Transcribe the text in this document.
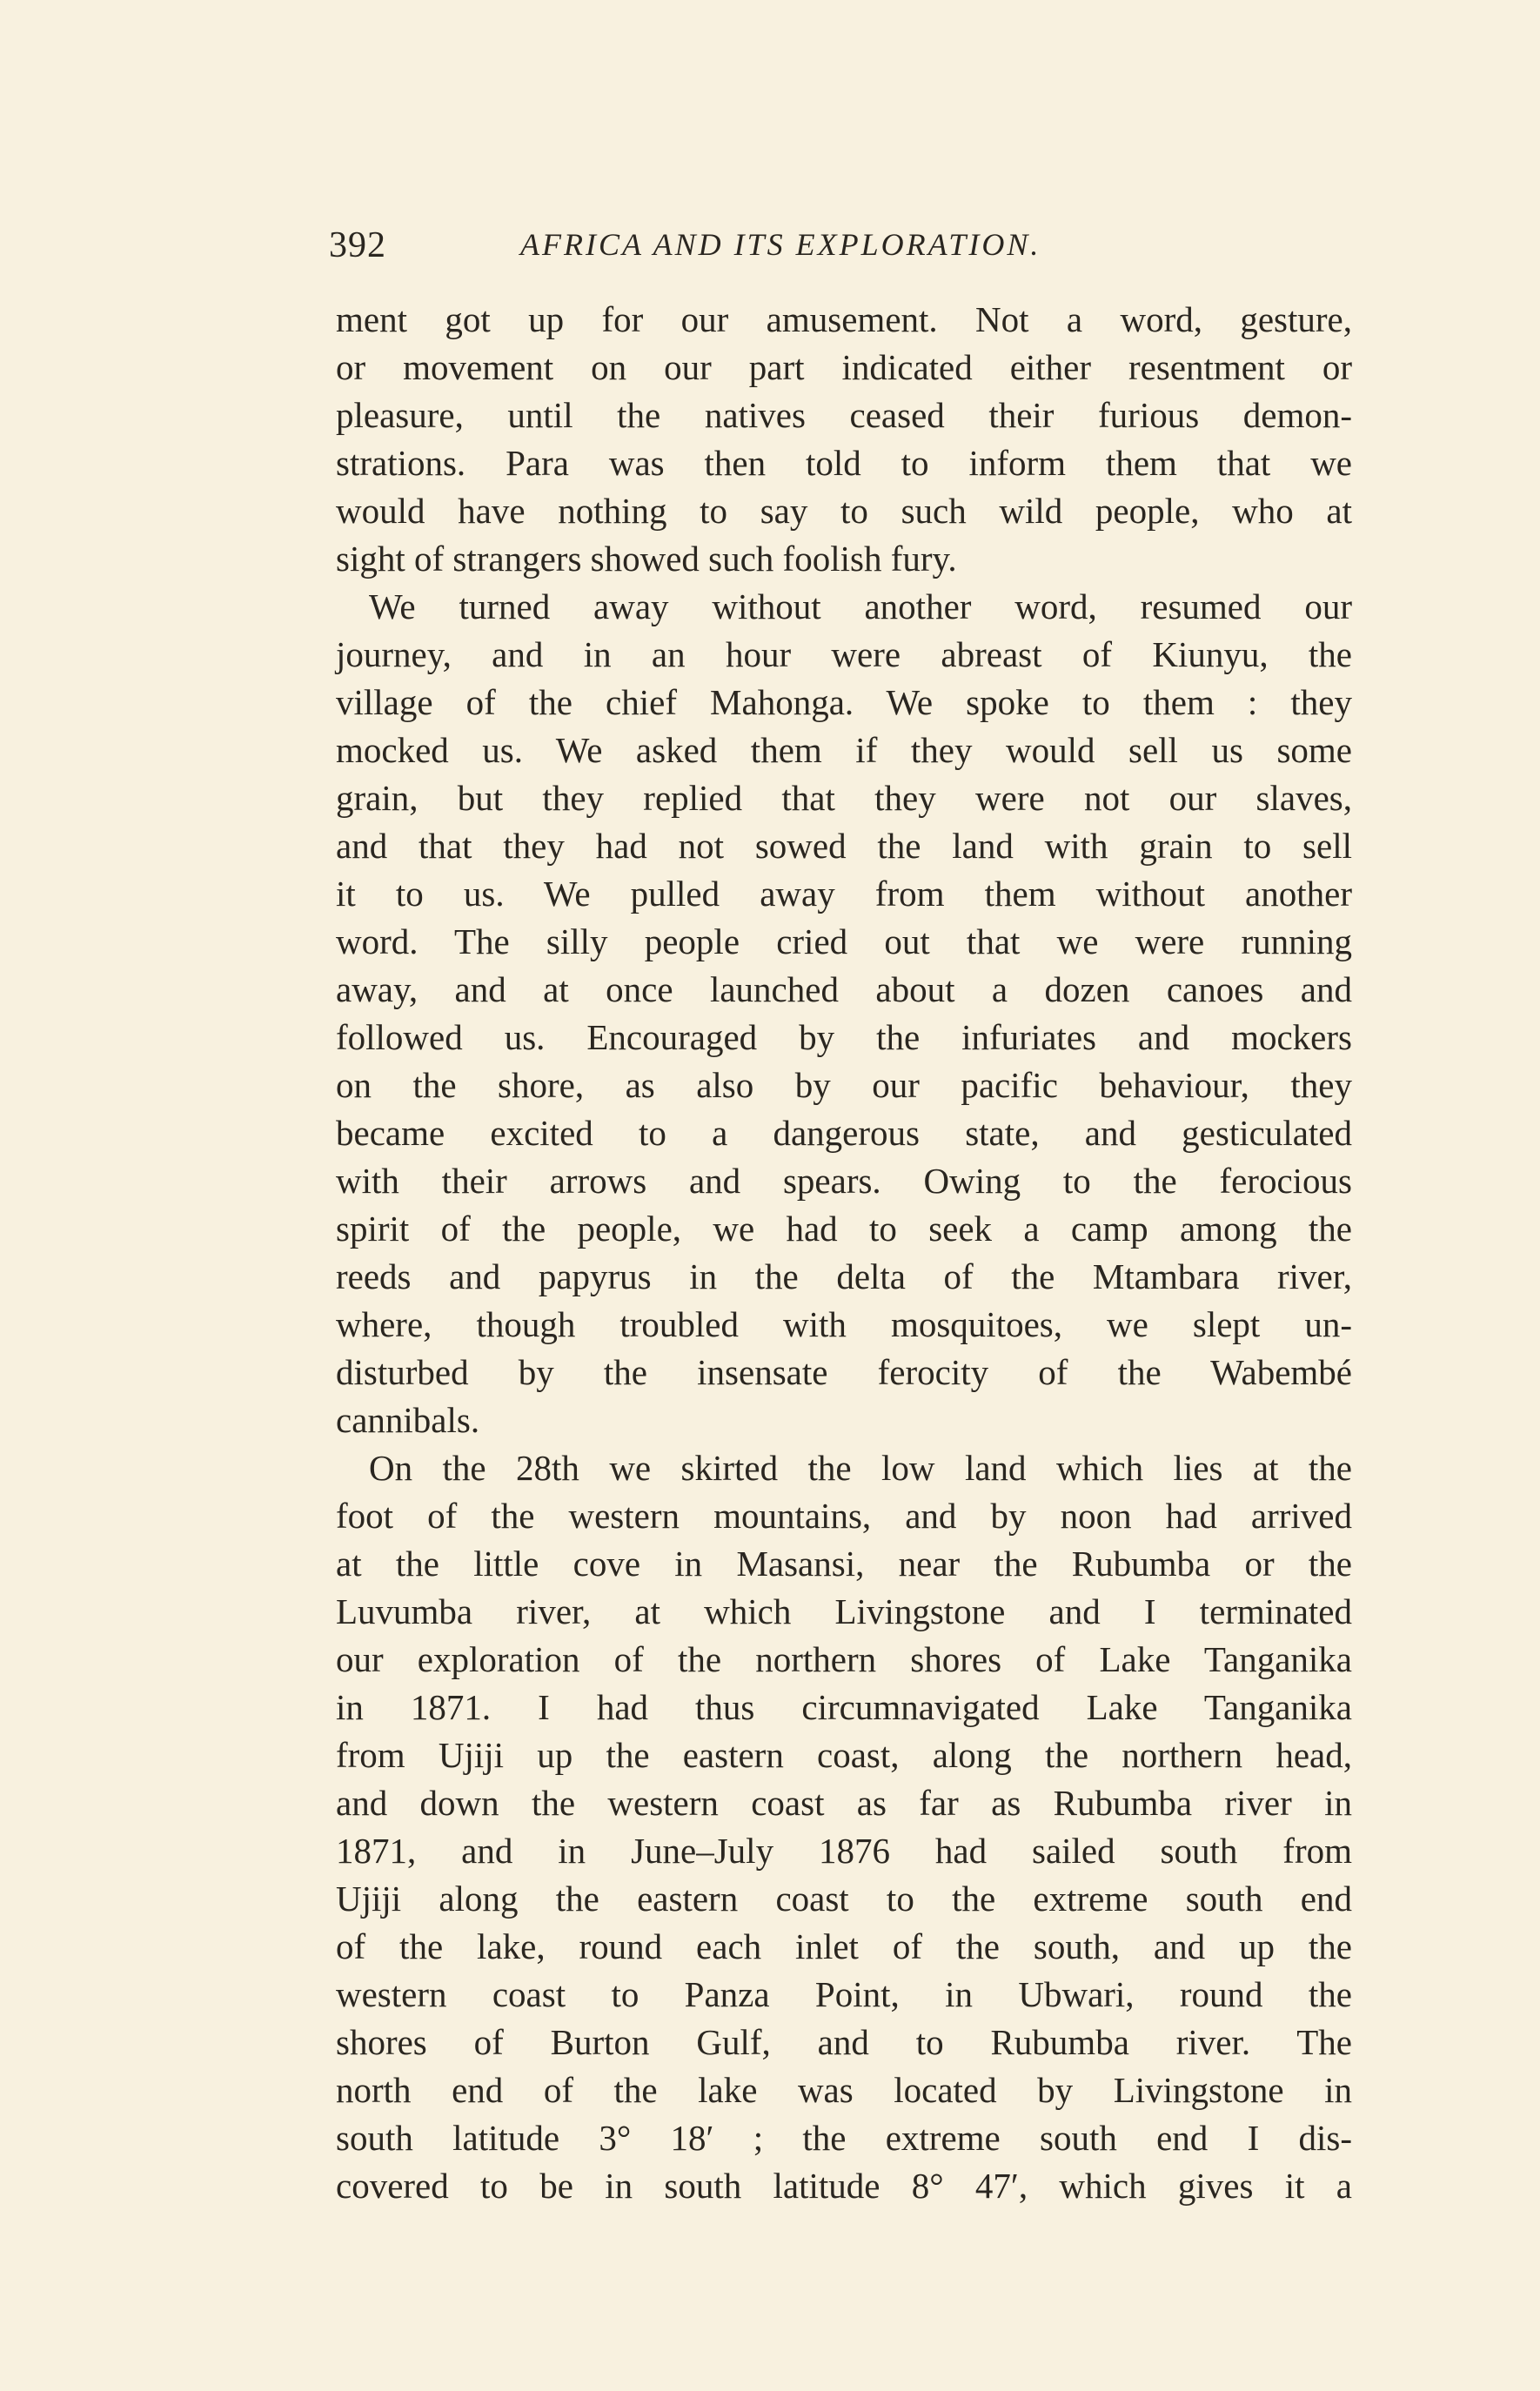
392	AFRICA AND ITS EXPLORATION.
ment got up for our amusement. Not a word, gesture,
or movement on our part indicated either resentment or
pleasure, until the natives ceased their furious demon-
strations. Para was then told to inform them that we
would have nothing to say to such wild people, who at
sight of strangers showed such foolish fury.
We turned away without another word, resumed our
journey, and in an hour were abreast of Kiunyu, the
village of the chief Mahonga. We spoke to them : they
mocked us. We asked them if they would sell us some
grain, but they replied that they were not our slaves,
and that they had not sowed the land with grain to sell
it to us. We pulled away from them without another
word. The silly people cried out that we were running
away, and at once launched about a dozen canoes and
followed us. Encouraged by the infuriates and mockers
on the shore, as also by our pacific behaviour, they
became excited to a dangerous state, and gesticulated
with their arrows and spears. Owing to the ferocious
spirit of the people, we had to seek a camp among the
reeds and papyrus in the delta of the Mtambara river,
where, though troubled with mosquitoes, we slept un-
disturbed by the insensate ferocity of the Wabembé
cannibals.
On the 28th we skirted the low land which lies at the
foot of the western mountains, and by noon had arrived
at the little cove in Masansi, near the Rubumba or the
Luvumba river, at which Livingstone and I terminated
our exploration of the northern shores of Lake Tanganika
in 1871. I had thus circumnavigated Lake Tanganika
from Ujiji up the eastern coast, along the northern head,
and down the western coast as far as Rubumba river in
1871, and in June–July 1876 had sailed south from
Ujiji along the eastern coast to the extreme south end
of the lake, round each inlet of the south, and up the
western coast to Panza Point, in Ubwari, round the
shores of Burton Gulf, and to Rubumba river. The
north end of the lake was located by Livingstone in
south latitude 3° 18′ ; the extreme south end I dis-
covered to be in south latitude 8° 47′, which gives it a
